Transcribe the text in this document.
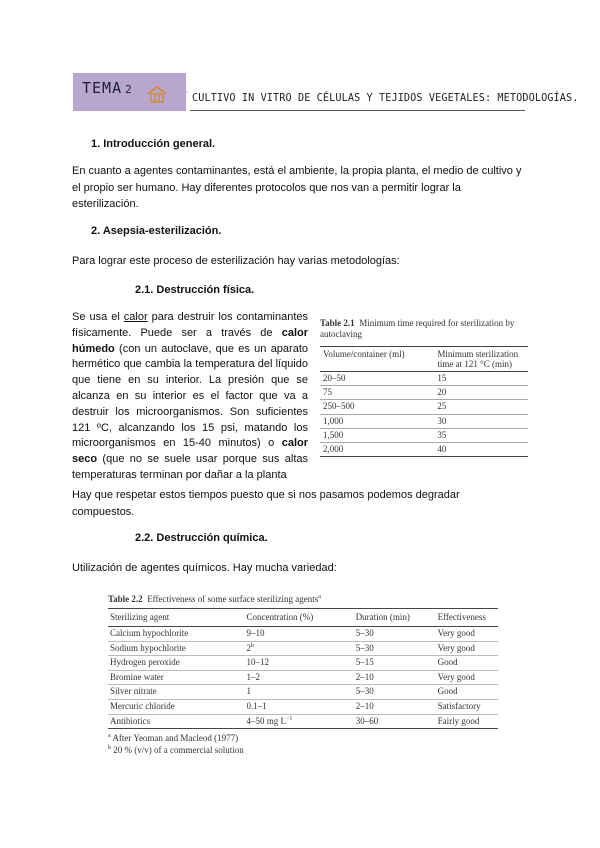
TEMA 2
CULTIVO IN VITRO DE CÉLULAS Y TEJIDOS VEGETALES: METODOLOGÍAS.
1. Introducción general.
En cuanto a agentes contaminantes, está el ambiente, la propia planta, el medio de cultivo y
el propio ser humano. Hay diferentes protocolos que nos van a permitir lograr la
esterilización.
2. Asepsia-esterilización.
Para lograr este proceso de esterilización hay varias metodologías:
2.1. Destrucción física.
Se usa el calor para destruir los contaminantes físicamente. Puede ser a través de calor húmedo (con un autoclave, que es un aparato hermético que cambia la temperatura del líquido que tiene en su interior. La presión que se alcanza en su interior es el factor que va a destruir los microorganismos. Son suficientes 121 ºC, alcanzando los 15 psi, matando los microorganismos en 15-40 minutos) o calor seco (que no se suele usar porque sus altas temperaturas terminan por dañar a la planta
Table 2.1 Minimum time required for sterilization by autoclaving
Volume/container (ml)	Minimum sterilization time at 121 °C (min)
20–50	15
75	20
250–500	25
1,000	30
1,500	35
2,000	40
Hay que respetar estos tiempos puesto que si nos pasamos podemos degradar
compuestos.
2.2. Destrucción química.
Utilización de agentes químicos. Hay mucha variedad:
Table 2.2 Effectiveness of some surface sterilizing agents$^a$
Sterilizing agent	Concentration (%)	Duration (min)	Effectiveness
Calcium hypochlorite	9–10	5–30	Very good
Sodium hypochlorite	2$^b$	5–30	Very good
Hydrogen peroxide	10–12	5–15	Good
Bromine water	1–2	2–10	Very good
Silver nitrate	1	5–30	Good
Mercuric chloride	0.1–1	2–10	Satisfactory
Antibiotics	4–50 mg $L^{-1}$	30–60	Fairly good
$^a$ After Yeoman and Macleod (1977)
$^b$ 20 % (v/v) of a commercial solution
